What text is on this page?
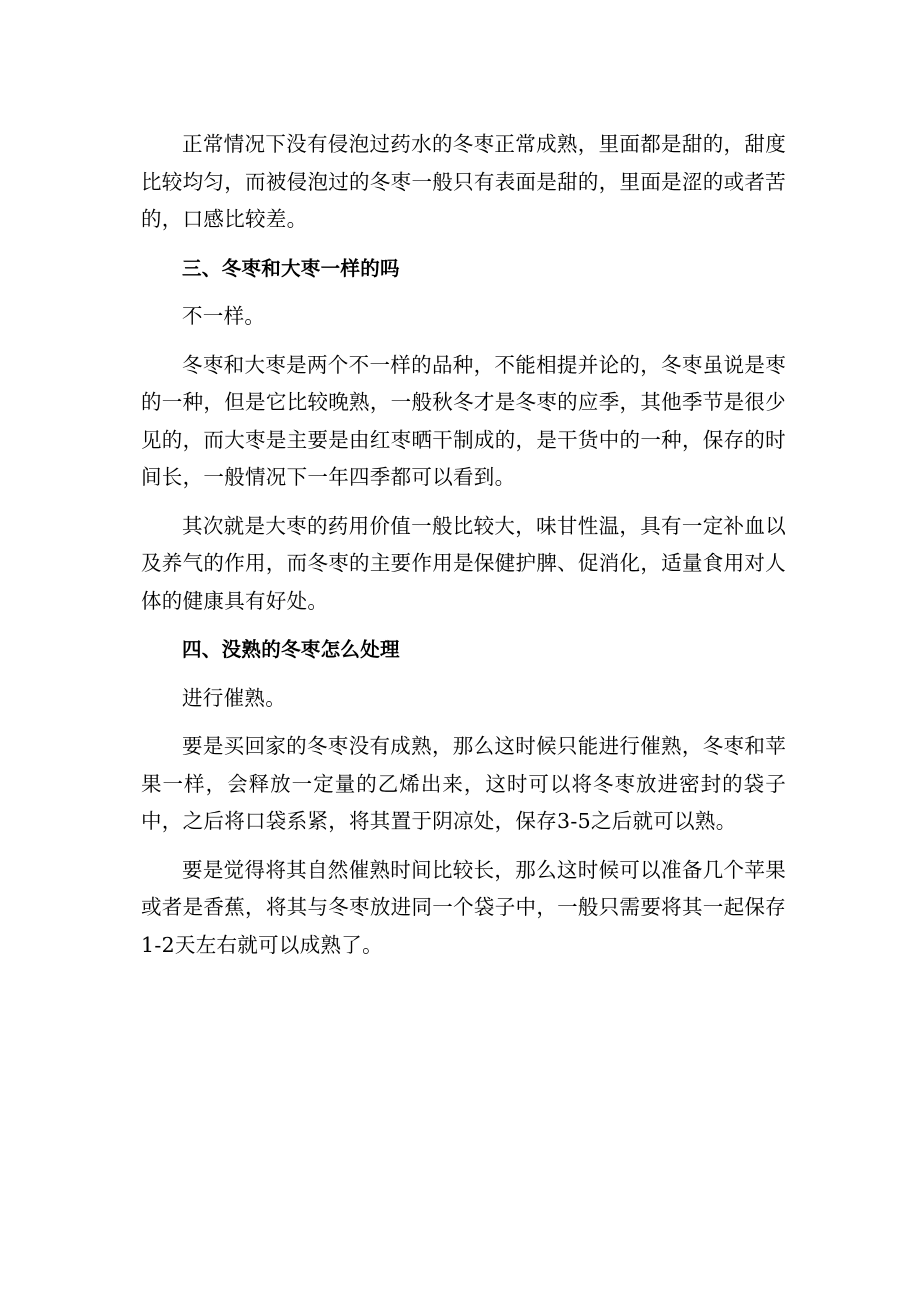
正常情况下没有侵泡过药水的冬枣正常成熟，里面都是甜的，甜度比较均匀，而被侵泡过的冬枣一般只有表面是甜的，里面是涩的或者苦的，口感比较差。

三、冬枣和大枣一样的吗

不一样。

冬枣和大枣是两个不一样的品种，不能相提并论的，冬枣虽说是枣的一种，但是它比较晚熟，一般秋冬才是冬枣的应季，其他季节是很少见的，而大枣是主要是由红枣晒干制成的，是干货中的一种，保存的时间长，一般情况下一年四季都可以看到。

其次就是大枣的药用价值一般比较大，味甘性温，具有一定补血以及养气的作用，而冬枣的主要作用是保健护脾、促消化，适量食用对人体的健康具有好处。

四、没熟的冬枣怎么处理

进行催熟。

要是买回家的冬枣没有成熟，那么这时候只能进行催熟，冬枣和苹果一样，会释放一定量的乙烯出来，这时可以将冬枣放进密封的袋子中，之后将口袋系紧，将其置于阴凉处，保存3-5之后就可以熟。

要是觉得将其自然催熟时间比较长，那么这时候可以准备几个苹果或者是香蕉，将其与冬枣放进同一个袋子中，一般只需要将其一起保存1-2天左右就可以成熟了。
